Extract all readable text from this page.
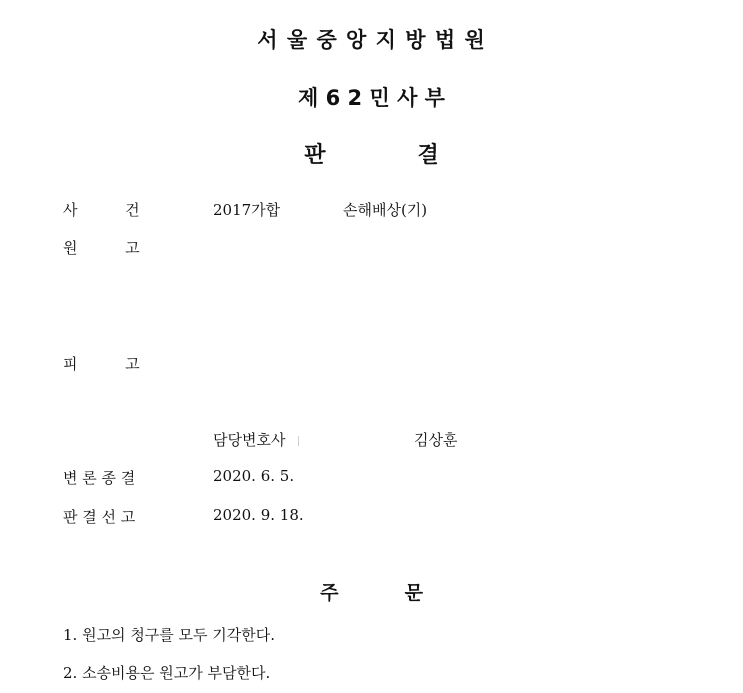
서 울 중 앙 지 방 법 원
제 6 2 민 사 부
판            결
사          건	2017가합	손해배상(기)
원          고
피          고
담당변호사	김상훈
변 론 종 결	2020. 6. 5.
판 결 선 고	2020. 9. 18.
주          문
1. 원고의 청구를 모두 기각한다.
2. 소송비용은 원고가 부담한다.
